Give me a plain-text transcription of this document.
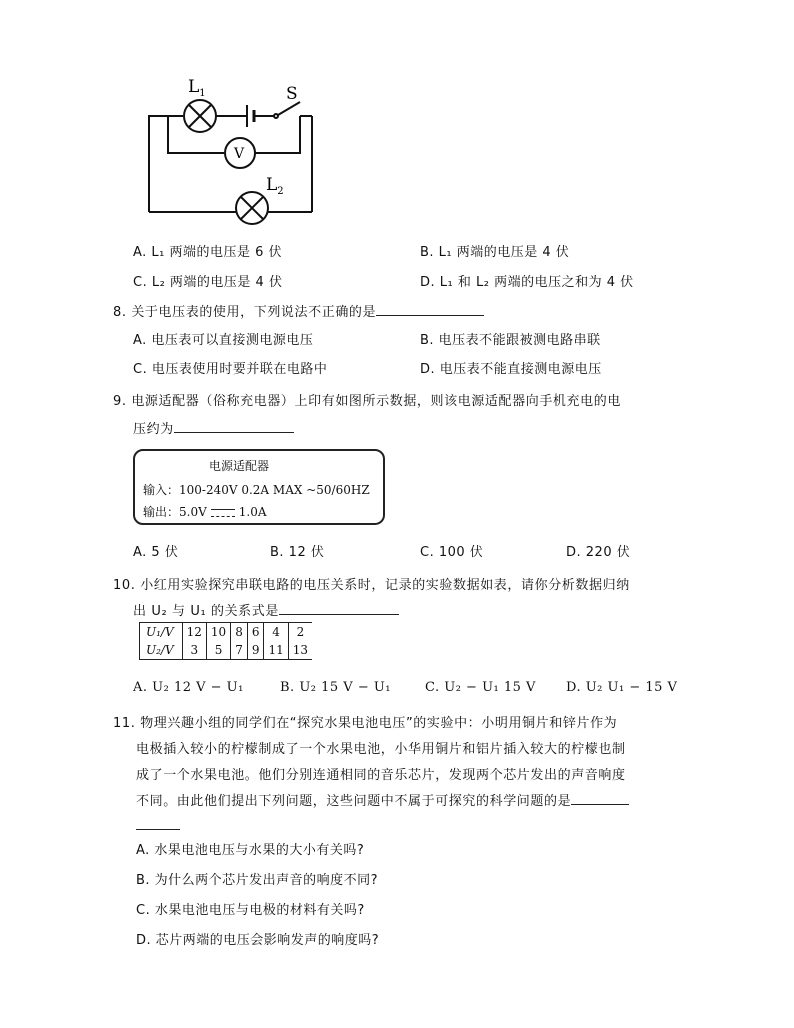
$L_1$	S
V
$L_2$
A. L₁ 两端的电压是 6 伏	B. L₁ 两端的电压是 4 伏
C. L₂ 两端的电压是 4 伏	D. L₁ 和 L₂ 两端的电压之和为 4 伏
8. 关于电压表的使用，下列说法不正确的是
A. 电压表可以直接测电源电压	B. 电压表不能跟被测电路串联
C. 电压表使用时要并联在电路中	D. 电压表不能直接测电源电压
9. 电源适配器（俗称充电器）上印有如图所示数据，则该电源适配器向手机充电的电
压约为
电源适配器
输入：100-240V 0.2A MAX ~50/60HZ
输出：5.0V	1.0A
A. 5 伏	B. 12 伏	C. 100 伏	D. 220 伏
10. 小红用实验探究串联电路的电压关系时，记录的实验数据如表，请你分析数据归纳
出 U₂ 与 U₁ 的关系式是
U₁/V	12	10	8	6	4	2
U₂/V	3	5	7	9	11	13
A. U₂ 12 V − U₁	B. U₂ 15 V − U₁	C. U₂ − U₁ 15 V D. U₂ U₁ − 15 V
11. 物理兴趣小组的同学们在“探究水果电池电压”的实验中：小明用铜片和锌片作为
电极插入较小的柠檬制成了一个水果电池，小华用铜片和铝片插入较大的柠檬也制
成了一个水果电池。他们分别连通相同的音乐芯片，发现两个芯片发出的声音响度
不同。由此他们提出下列问题，这些问题中不属于可探究的科学问题的是
A. 水果电池电压与水果的大小有关吗?
B. 为什么两个芯片发出声音的响度不同?
C. 水果电池电压与电极的材料有关吗?
D. 芯片两端的电压会影响发声的响度吗?
